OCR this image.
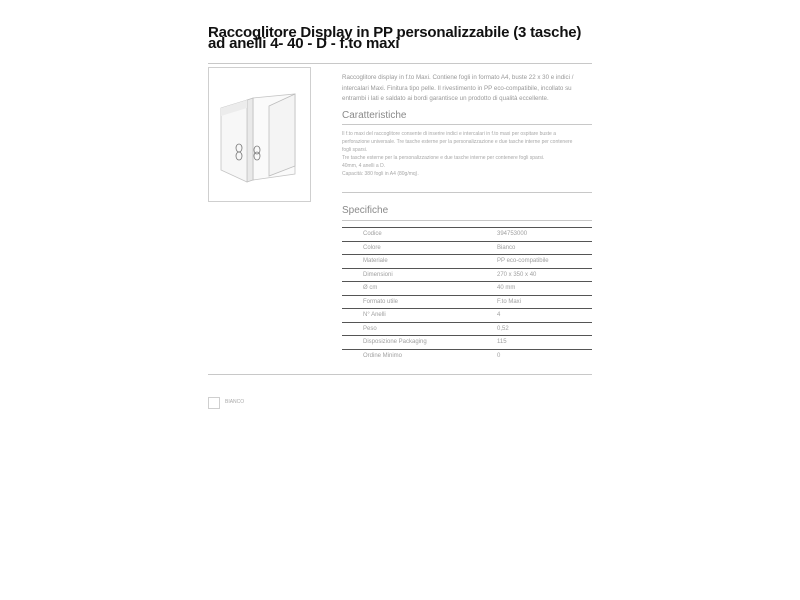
Raccoglitore Display in PP personalizzabile (3 tasche) ad anelli 4- 40 - D - f.to maxi
Raccoglitore display in f.to Maxi. Contiene fogli in formato A4, buste 22 x 30 e indici / intercalari Maxi. Finitura tipo pelle. Il rivestimento in PP eco-compatibile, incollato su entrambi i lati e saldato ai bordi garantisce un prodotto di qualità eccellente.
Caratteristiche
Il f.to maxi del raccoglitore consente di inserire indici e intercalari in f.to maxi per ospitare buste a
perforazione universale. Tre tasche esterne per la personalizzazione e due tasche interne per contenere
fogli sparsi.
Tre tasche esterne per la personalizzazione e due tasche interne per contenere fogli sparsi.
40mm, 4 anelli a D.
Capacità: 380 fogli in A4 (80g/mq).
Specifiche
Codice	394753000
Colore	Bianco
Materiale	PP eco-compatibile
Dimensioni	270 x 350 x 40
Ø cm	40 mm
Formato utile	F.to Maxi
N° Anelli	4
Peso	0,52
Disposizione Packaging	115
Ordine Minimo	0
BIANCO
